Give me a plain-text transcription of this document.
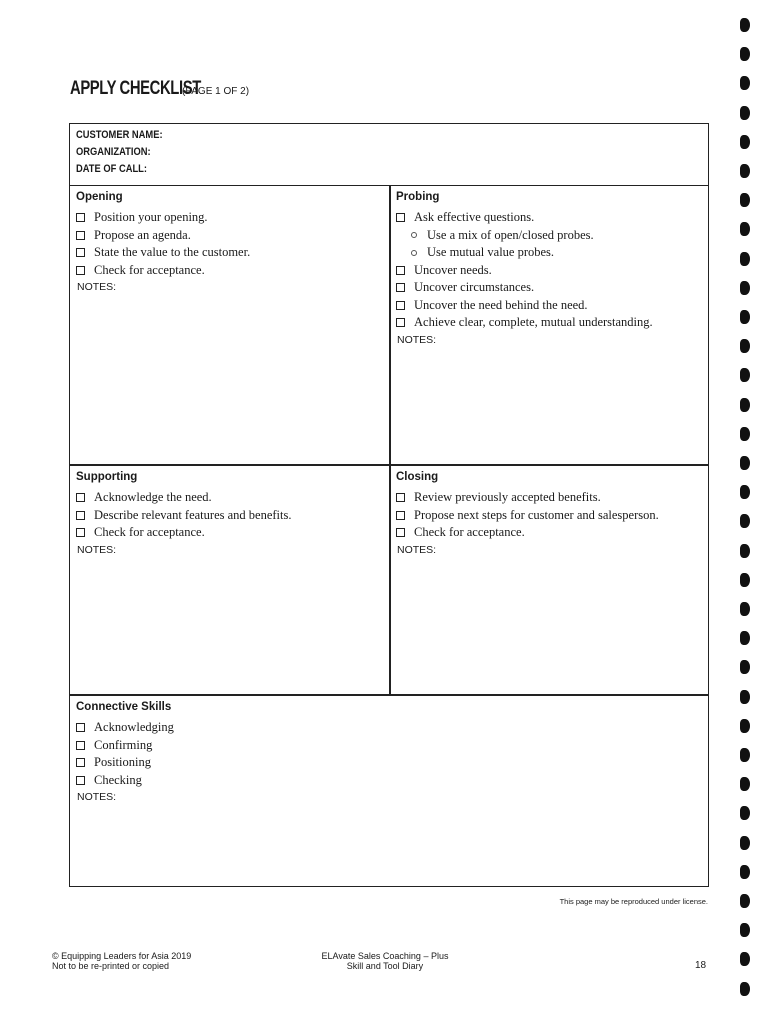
APPLY CHECKLIST
(PAGE 1 OF 2)
CUSTOMER NAME:
ORGANIZATION:
DATE OF CALL:
Opening
Position your opening.
Propose an agenda.
State the value to the customer.
Check for acceptance.
NOTES:
Probing
Ask effective questions.
Use a mix of open/closed probes.
Use mutual value probes.
Uncover needs.
Uncover circumstances.
Uncover the need behind the need.
Achieve clear, complete, mutual understanding.
NOTES:
Supporting
Acknowledge the need.
Describe relevant features and benefits.
Check for acceptance.
NOTES:
Closing
Review previously accepted benefits.
Propose next steps for customer and salesperson.
Check for acceptance.
NOTES:
Connective Skills
Acknowledging
Confirming
Positioning
Checking
NOTES:
This page may be reproduced under license.
© Equipping Leaders for Asia 2019
Not to be re-printed or copied
ELAvate Sales Coaching – Plus
Skill and Tool Diary	18
